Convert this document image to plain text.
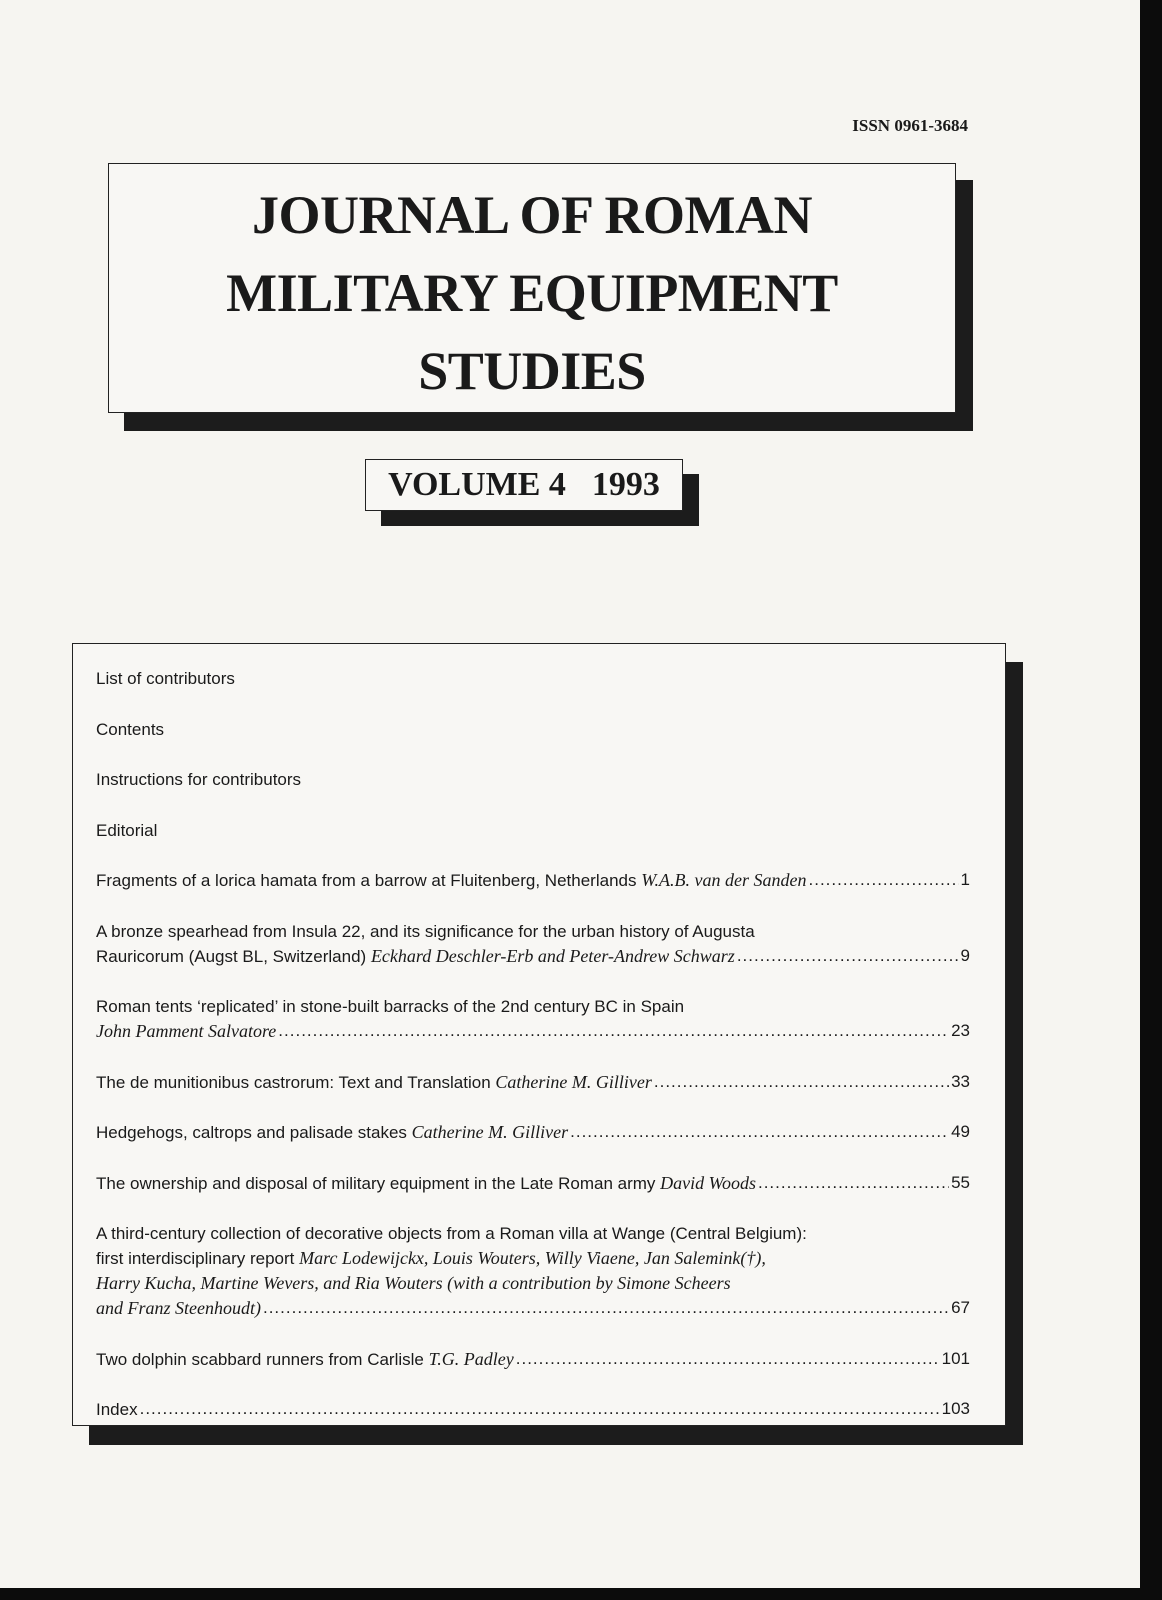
ISSN 0961-3684
JOURNAL OF ROMAN
MILITARY EQUIPMENT
STUDIES
VOLUME 4 1993
List of contributors
Contents
Instructions for contributors
Editorial
Fragments of a lorica hamata from a barrow at Fluitenberg, Netherlands W.A.B. van der Sanden .....	1
A bronze spearhead from Insula 22, and its significance for the urban history of Augusta
Rauricorum (Augst BL, Switzerland) Eckhard Deschler-Erb and Peter-Andrew Schwarz .....	9
Roman tents ‘replicated’ in stone-built barracks of the 2nd century BC in Spain
John Pamment Salvatore .....	23
The de munitionibus castrorum: Text and Translation Catherine M. Gilliver .....	33
Hedgehogs, caltrops and palisade stakes Catherine M. Gilliver .....	49
The ownership and disposal of military equipment in the Late Roman army David Woods .....	55
A third-century collection of decorative objects from a Roman villa at Wange (Central Belgium):
first interdisciplinary report Marc Lodewijckx, Louis Wouters, Willy Viaene, Jan Salemink(†),
Harry Kucha, Martine Wevers, and Ria Wouters (with a contribution by Simone Scheers
and Franz Steenhoudt) .....	67
Two dolphin scabbard runners from Carlisle T.G. Padley .....	101
Index .....	103
